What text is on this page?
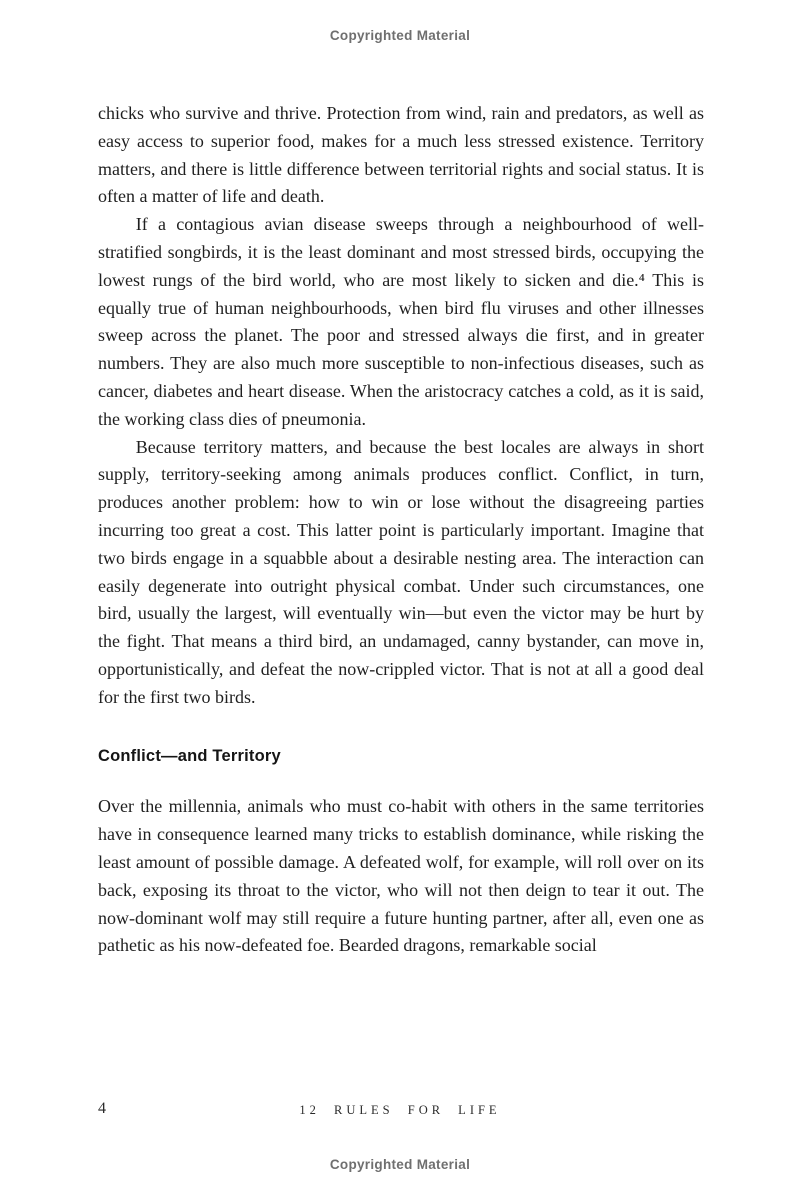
Copyrighted Material

chicks who survive and thrive. Protection from wind, rain and predators, as well as easy access to superior food, makes for a much less stressed existence. Territory matters, and there is little difference between territorial rights and social status. It is often a matter of life and death.

If a contagious avian disease sweeps through a neighbourhood of well-stratified songbirds, it is the least dominant and most stressed birds, occupying the lowest rungs of the bird world, who are most likely to sicken and die.⁴ This is equally true of human neighbourhoods, when bird flu viruses and other illnesses sweep across the planet. The poor and stressed always die first, and in greater numbers. They are also much more susceptible to non-infectious diseases, such as cancer, diabetes and heart disease. When the aristocracy catches a cold, as it is said, the working class dies of pneumonia.

Because territory matters, and because the best locales are always in short supply, territory-seeking among animals produces conflict. Conflict, in turn, produces another problem: how to win or lose without the disagreeing parties incurring too great a cost. This latter point is particularly important. Imagine that two birds engage in a squabble about a desirable nesting area. The interaction can easily degenerate into outright physical combat. Under such circumstances, one bird, usually the largest, will eventually win—but even the victor may be hurt by the fight. That means a third bird, an undamaged, canny bystander, can move in, opportunistically, and defeat the now-crippled victor. That is not at all a good deal for the first two birds.

Conflict—and Territory

Over the millennia, animals who must co-habit with others in the same territories have in consequence learned many tricks to establish dominance, while risking the least amount of possible damage. A defeated wolf, for example, will roll over on its back, exposing its throat to the victor, who will not then deign to tear it out. The now-dominant wolf may still require a future hunting partner, after all, even one as pathetic as his now-defeated foe. Bearded dragons, remarkable social

4	12 RULES FOR LIFE
Copyrighted Material
